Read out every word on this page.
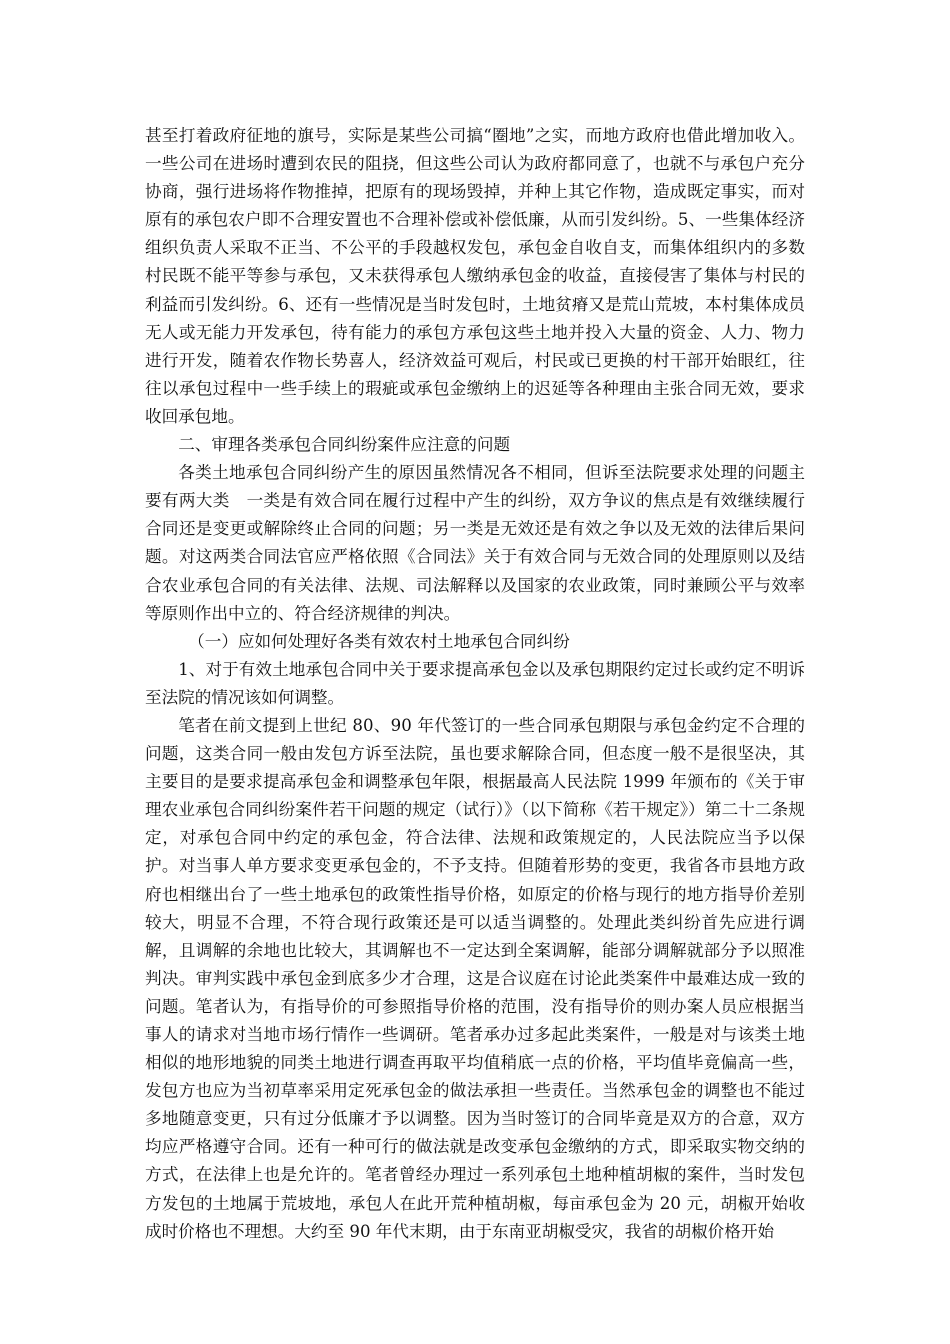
甚至打着政府征地的旗号，实际是某些公司搞“圈地”之实，而地方政府也借此增加收入。一些公司在进场时遭到农民的阻挠，但这些公司认为政府都同意了，也就不与承包户充分协商，强行进场将作物推掉，把原有的现场毁掉，并种上其它作物，造成既定事实，而对原有的承包农户即不合理安置也不合理补偿或补偿低廉，从而引发纠纷。5、一些集体经济组织负责人采取不正当、不公平的手段越权发包，承包金自收自支，而集体组织内的多数村民既不能平等参与承包，又未获得承包人缴纳承包金的收益，直接侵害了集体与村民的利益而引发纠纷。6、还有一些情况是当时发包时，土地贫瘠又是荒山荒坡，本村集体成员无人或无能力开发承包，待有能力的承包方承包这些土地并投入大量的资金、人力、物力进行开发，随着农作物长势喜人，经济效益可观后，村民或已更换的村干部开始眼红，往往以承包过程中一些手续上的瑕疵或承包金缴纳上的迟延等各种理由主张合同无效，要求收回承包地。

二、审理各类承包合同纠纷案件应注意的问题

各类土地承包合同纠纷产生的原因虽然情况各不相同，但诉至法院要求处理的问题主要有两大类　一类是有效合同在履行过程中产生的纠纷，双方争议的焦点是有效继续履行合同还是变更或解除终止合同的问题；另一类是无效还是有效之争以及无效的法律后果问题。对这两类合同法官应严格依照《合同法》关于有效合同与无效合同的处理原则以及结合农业承包合同的有关法律、法规、司法解释以及国家的农业政策，同时兼顾公平与效率等原则作出中立的、符合经济规律的判决。

（一）应如何处理好各类有效农村土地承包合同纠纷

1、对于有效土地承包合同中关于要求提高承包金以及承包期限约定过长或约定不明诉至法院的情况该如何调整。

笔者在前文提到上世纪 80、90 年代签订的一些合同承包期限与承包金约定不合理的问题，这类合同一般由发包方诉至法院，虽也要求解除合同，但态度一般不是很坚决，其主要目的是要求提高承包金和调整承包年限，根据最高人民法院 1999 年颁布的《关于审理农业承包合同纠纷案件若干问题的规定（试行）》（以下简称《若干规定》）第二十二条规定，对承包合同中约定的承包金，符合法律、法规和政策规定的，人民法院应当予以保护。对当事人单方要求变更承包金的，不予支持。但随着形势的变更，我省各市县地方政府也相继出台了一些土地承包的政策性指导价格，如原定的价格与现行的地方指导价差别较大，明显不合理，不符合现行政策还是可以适当调整的。处理此类纠纷首先应进行调解，且调解的余地也比较大，其调解也不一定达到全案调解，能部分调解就部分予以照准判决。审判实践中承包金到底多少才合理，这是合议庭在讨论此类案件中最难达成一致的问题。笔者认为，有指导价的可参照指导价格的范围，没有指导价的则办案人员应根据当事人的请求对当地市场行情作一些调研。笔者承办过多起此类案件，一般是对与该类土地相似的地形地貌的同类土地进行调查再取平均值稍底一点的价格，平均值毕竟偏高一些，发包方也应为当初草率采用定死承包金的做法承担一些责任。当然承包金的调整也不能过多地随意变更，只有过分低廉才予以调整。因为当时签订的合同毕竟是双方的合意，双方均应严格遵守合同。还有一种可行的做法就是改变承包金缴纳的方式，即采取实物交纳的方式，在法律上也是允许的。笔者曾经办理过一系列承包土地种植胡椒的案件，当时发包方发包的土地属于荒坡地，承包人在此开荒种植胡椒，每亩承包金为 20 元，胡椒开始收成时价格也不理想。大约至 90 年代末期，由于东南亚胡椒受灾，我省的胡椒价格开始
